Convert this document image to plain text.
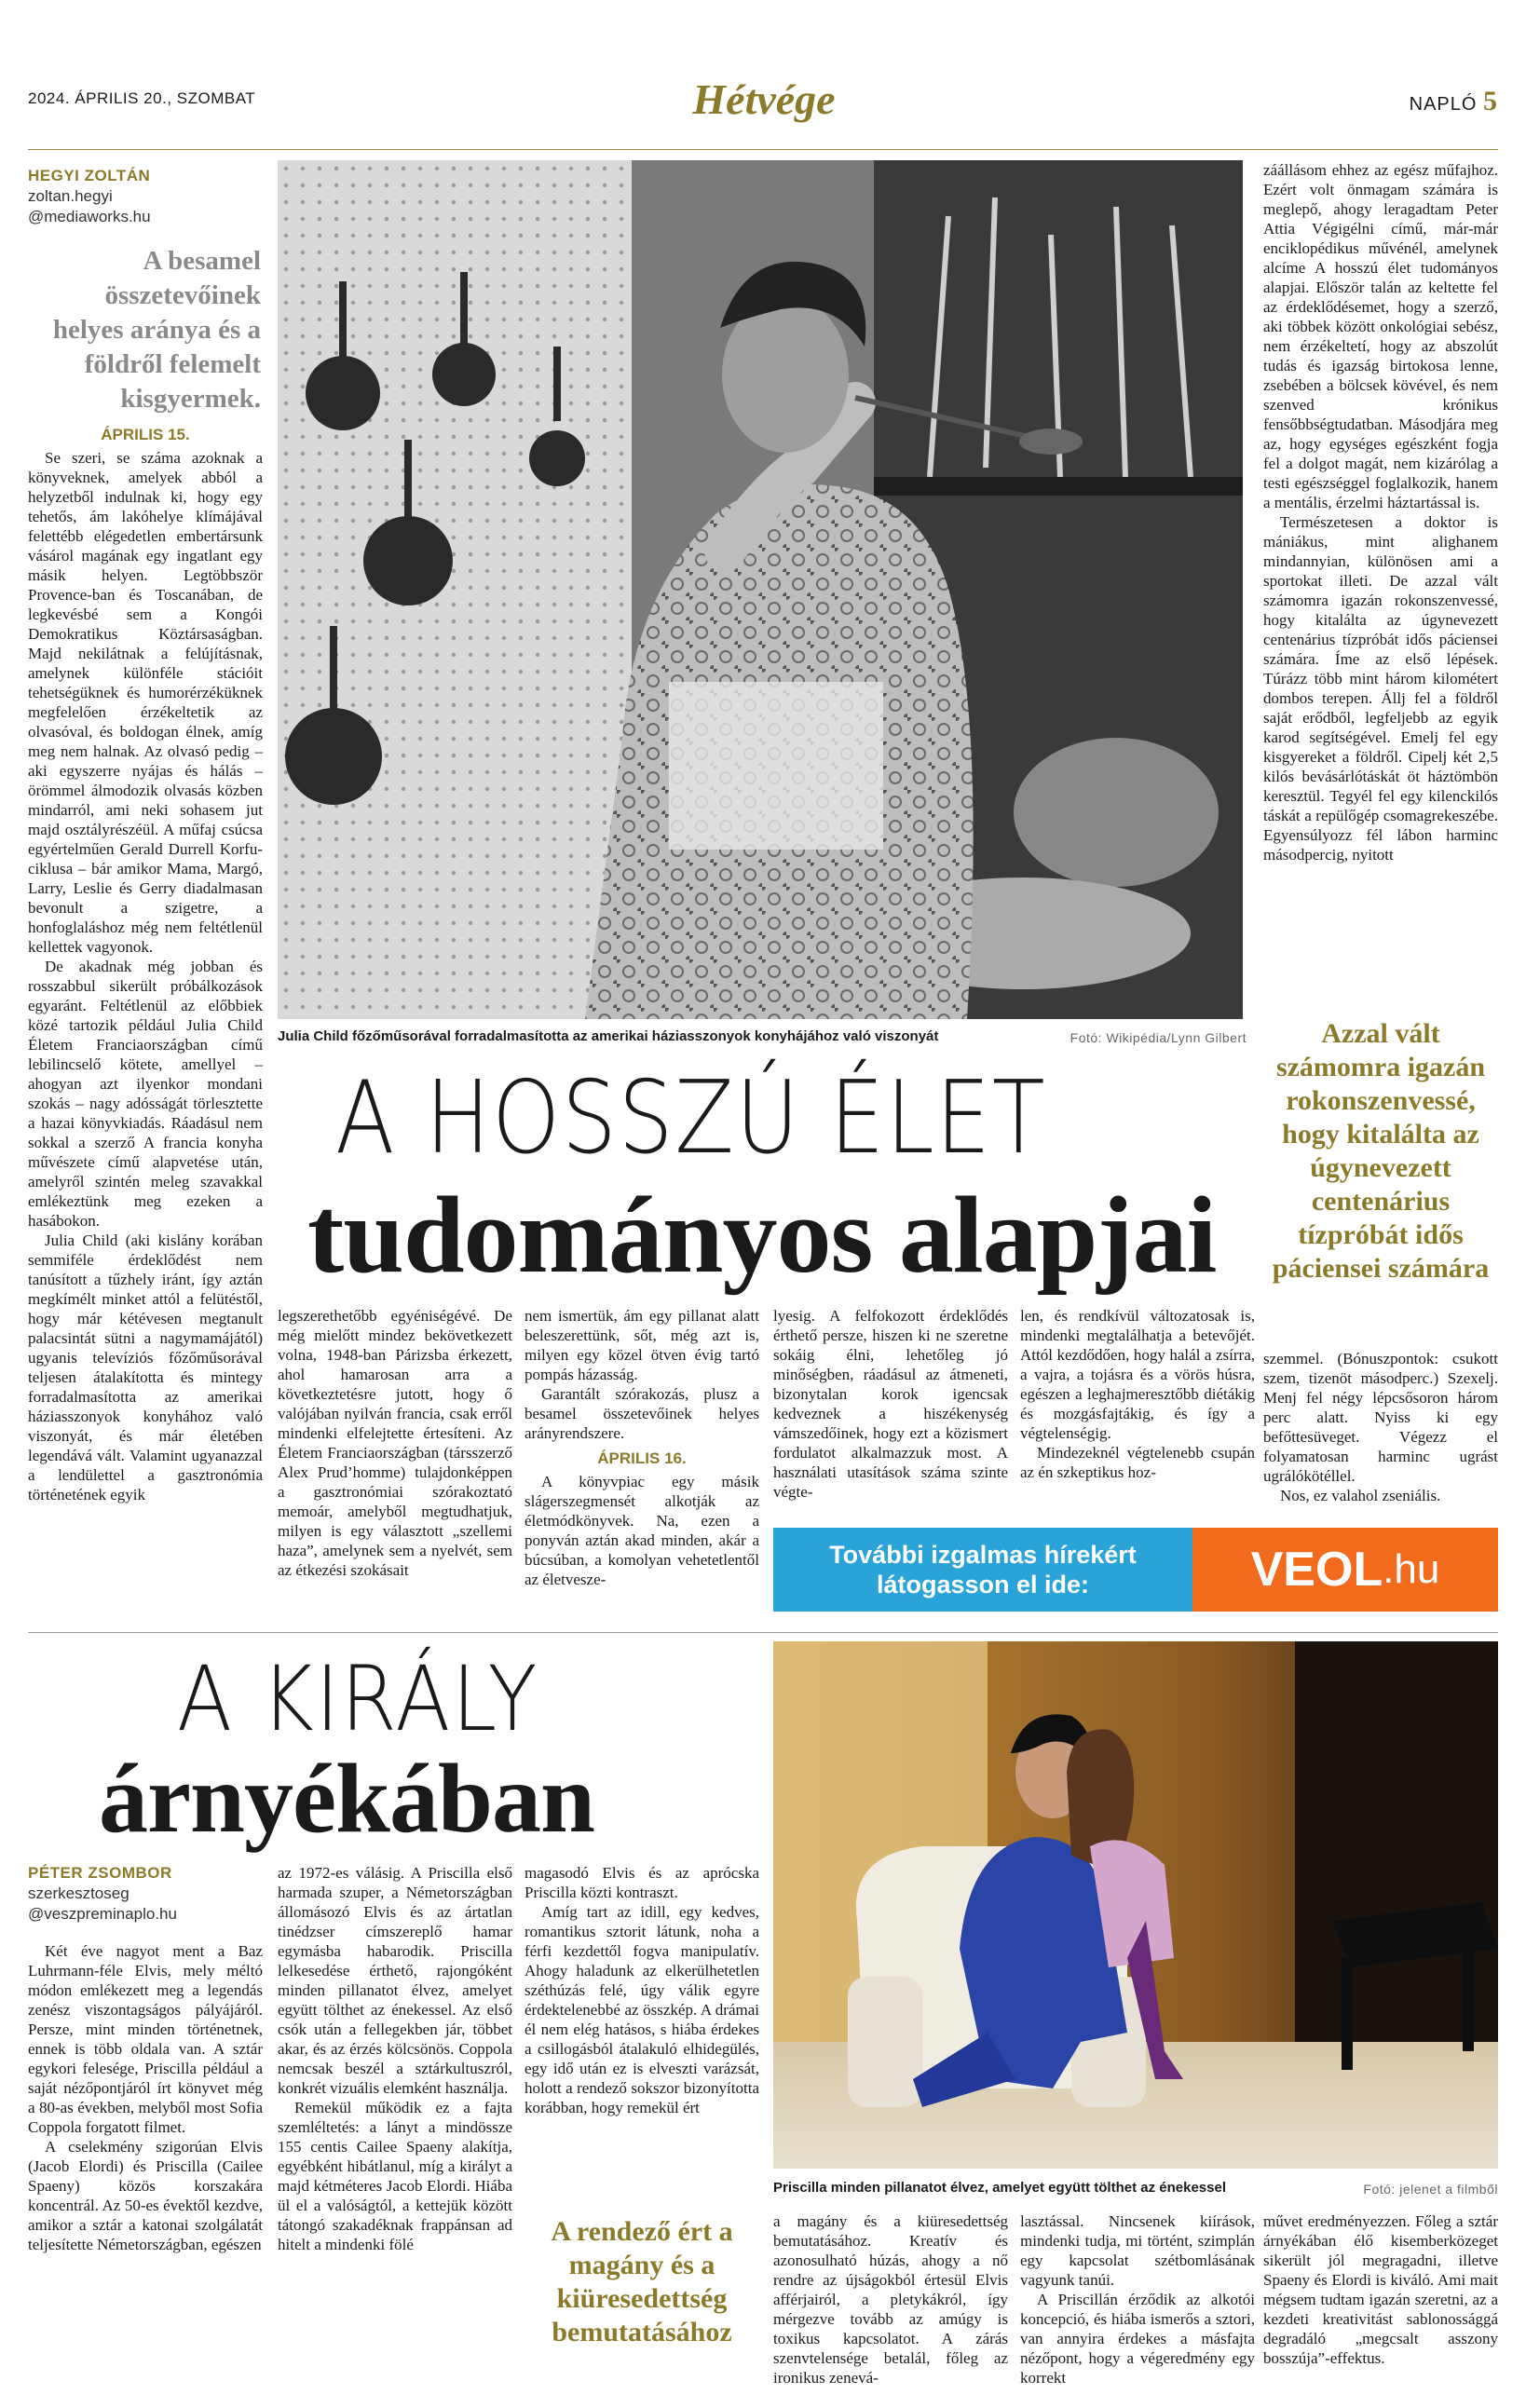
2024. ÁPRILIS 20., SZOMBAT	Hétvége	NAPLÓ 5
HEGYI ZOLTÁN
zoltan.hegyi
@mediaworks.hu
A besamel összetevőinek helyes aránya és a földről felemelt kisgyermek.
ÁPRILIS 15.

Se szeri, se száma azoknak a könyveknek, amelyek abból a helyzetből indulnak ki, hogy egy tehetős, ám lakóhelye klímájával felettébb elégedetlen embertársunk vásárol magának egy ingatlant egy másik helyen. Legtöbbször Provence-ban és Toscanában, de legkevésbé sem a Kongói Demokratikus Köztársaságban. Majd nekilátnak a felújításnak, amelynek különféle stációit tehetségüknek és humorérzéküknek megfelelően érzékeltetik az olvasóval, és boldogan élnek, amíg meg nem halnak. Az olvasó pedig – aki egyszerre nyájas és hálás – örömmel álmodozik olvasás közben mindarról, ami neki sohasem jut majd osztályrészéül. A műfaj csúcsa egyértelműen Gerald Durrell Korfu-ciklusa – bár amikor Mama, Margó, Larry, Leslie és Gerry diadalmasan bevonult a szigetre, a honfoglaláshoz még nem feltétlenül kellettek vagyonok.

De akadnak még jobban és rosszabbul sikerült próbálkozások egyaránt. Feltétlenül az előbbiek közé tartozik például Julia Child Életem Franciaországban című lebilincselő kötete, amellyel – ahogyan azt ilyenkor mondani szokás – nagy adósságát törlesztette a hazai könyvkiadás. Ráadásul nem sokkal a szerző A francia konyha művészete című alapvetése után, amelyről szintén meleg szavakkal emlékeztünk meg ezeken a hasábokon.

Julia Child (aki kislány korában semmiféle érdeklődést nem tanúsított a tűzhely iránt, így aztán megkímélt minket attól a felütéstől, hogy már kétévesen megtanult palacsintát sütni a nagymamájától) ugyanis televíziós főzőműsorával teljesen átalakította és mintegy forradalmasította az amerikai háziasszonyok konyhához való viszonyát, és már életében legendává vált. Valamint ugyanazzal a lendülettel a gasztronómia történetének egyik

Julia Child főzőműsorával forradalmasította az amerikai háziasszonyok konyhájához való viszonyát	Fotó: Wikipédia/Lynn Gilbert

záállásom ehhez az egész műfajhoz. Ezért volt önmagam számára is meglepő, ahogy leragadtam Peter Attia Végigélni című, már-már enciklopédikus művénél, amelynek alcíme A hosszú élet tudományos alapjai. Először talán az keltette fel az érdeklődésemet, hogy a szerző, aki többek között onkológiai sebész, nem érzékeltetí, hogy az abszolút tudás és igazság birtokosa lenne, zsebében a bölcsek kövével, és nem szenved krónikus fensőbbségtudatban. Másodjára meg az, hogy egységes egészként fogja fel a dolgot magát, nem kizárólag a testi egészséggel foglalkozik, hanem a mentális, érzelmi háztartással is.

Természetesen a doktor is mániákus, mint alighanem mindannyian, különösen ami a sportokat illeti. De azzal vált számomra igazán rokonszenvessé, hogy kitalálta az úgynevezett centenárius tízpróbát idős páciensei számára. Íme az első lépések. Túrázz több mint három kilométert dombos terepen. Állj fel a földről saját erődből, legfeljebb az egyik karod segítségével. Emelj fel egy kisgyereket a földről. Cipelj két 2,5 kilós bevásárlótáskát öt háztömbön keresztül. Tegyél fel egy kilenckilós táskát a repülőgép csomagrekeszébe. Egyensúlyozz fél lábon harminc másodpercig, nyitott

Azzal vált számomra igazán rokonszenvessé, hogy kitalálta az úgynevezett centenárius tízpróbát idős páciensei számára

szemmel. (Bónuszpontok: csukott szem, tizenöt másodperc.) Szexelj. Menj fel négy lépcsősoron három perc alatt. Nyiss ki egy befőttesüveget. Végezz el folyamatosan harminc ugrást ugrálókötéllel.

Nos, ez valahol zseniális.

A HOSSZÚ ÉLET
tudományos alapjai

legszerethetőbb egyéniségévé. De még mielőtt mindez bekövetkezett volna, 1948-ban Párizsba érkezett, ahol hamarosan arra a következtetésre jutott, hogy ő valójában nyilván francia, csak erről mindenki elfelejtette értesíteni. Az Életem Franciaországban (társszerző Alex Prud’homme) tulajdonképpen a gasztronómiai szórakoztató memoár, amelyből megtudhatjuk, milyen is egy választott „szellemi haza”, amelynek sem a nyelvét, sem az étkezési szokásait

nem ismertük, ám egy pillanat alatt beleszerettünk, sőt, még azt is, milyen egy közel ötven évig tartó pompás házasság.

Garantált szórakozás, plusz a besamel összetevőinek helyes arányrendszere.

ÁPRILIS 16.

A könyvpiac egy másik slágerszegmensét alkotják az életmódkönyvek. Na, ezen a ponyván aztán akad minden, akár a búcsúban, a komolyan vehetetlentől az életvesze-

lyesig. A felfokozott érdeklődés érthető persze, hiszen ki ne szeretne sokáig élni, lehetőleg jó minőségben, ráadásul az átmeneti, bizonytalan korok igencsak kedveznek a hiszékenység vámszedőinek, hogy ezt a közismert fordulatot alkalmazzuk most. A használati utasítások száma szinte végte-

len, és rendkívül változatosak is, mindenki megtalálhatja a betevőjét. Attól kezdődően, hogy halál a zsírra, a vajra, a tojásra és a vörös húsra, egészen a leghajmeresztőbb diétákig és mozgásfajtákig, és így a végtelenségig.

Mindezeknél végtelenebb csupán az én szkeptikus hoz-

További izgalmas hírekért
látogasson el ide:	VEOL .hu
A KIRÁLY
árnyékában
Priscilla minden pillanatot élvez, amelyet együtt tölthet az énekessel	Fotó: jelenet a filmből
PÉTER ZSOMBOR
szerkesztoseg
@veszpreminaplo.hu

Két éve nagyot ment a Baz Luhrmann-féle Elvis, mely méltó módon emlékezett meg a legendás zenész viszontagságos pályájáról. Persze, mint minden történetnek, ennek is több oldala van. A sztár egykori felesége, Priscilla például a saját nézőpontjáról írt könyvet még a 80-as években, melyből most Sofia Coppola forgatott filmet.

A cselekmény szigorúan Elvis (Jacob Elordi) és Priscilla (Cailee Spaeny) közös korszakára koncentrál. Az 50-es évektől kezdve, amikor a sztár a katonai szolgálatát teljesítette Németországban, egészen

az 1972-es válásig. A Priscilla első harmada szuper, a Németországban állomásozó Elvis és az ártatlan tinédzser címszereplő hamar egymásba habarodik. Priscilla lelkesedése érthető, rajongóként minden pillanatot élvez, amelyet együtt tölthet az énekessel. Az első csók után a fellegekben jár, többet akar, és az érzés kölcsönös. Coppola nemcsak beszél a sztárkultuszról, konkrét vizuális elemként használja.

Remekül működik ez a fajta szemléltetés: a lányt a mindössze 155 centis Cailee Spaeny alakítja, egyébként hibátlanul, míg a királyt a majd kétméteres Jacob Elordi. Hiába ül el a valóságtól, a kettejük között tátongó szakadéknak frappánsan ad hitelt a mindenki fölé

magasodó Elvis és az aprócska Priscilla közti kontraszt.

Amíg tart az idill, egy kedves, romantikus sztorit látunk, noha a férfi kezdettől fogva manipulatív. Ahogy haladunk az elkerülhetetlen széthúzás felé, úgy válik egyre érdektelenebbé az összkép. A drámai él nem elég hatásos, s hiába érdekes a csillogásból átalakuló elhidegülés, egy idő után ez is elveszti varázsát, holott a rendező sokszor bizonyította korábban, hogy remekül ért

A rendező ért a magány és a kiüresedettség bemutatásához

a magány és a kiüresedettség bemutatásához. Kreatív és azonosulható húzás, ahogy a nő rendre az újságokból értesül Elvis afférjairól, a pletykákról, így mérgezve tovább az amúgy is toxikus kapcsolatot. A zárás szenvtelensége betalál, főleg az ironikus zenevá-

lasztással. Nincsenek kiírások, mindenki tudja, mi történt, szimplán egy kapcsolat szétbomlásának vagyunk tanúi.

A Priscillán érződik az alkotói koncepció, és hiába ismerős a sztori, van annyira érdekes a másfajta nézőpont, hogy a végeredmény egy korrekt

művet eredményezzen. Főleg a sztár árnyékában élő kisemberközeget sikerült jól megragadni, illetve Spaeny és Elordi is kiváló. Ami mait mégsem tudtam igazán szeretni, az a kezdeti kreativitást sablonossággá degradáló „megcsalt asszony bosszúja”-effektus.
